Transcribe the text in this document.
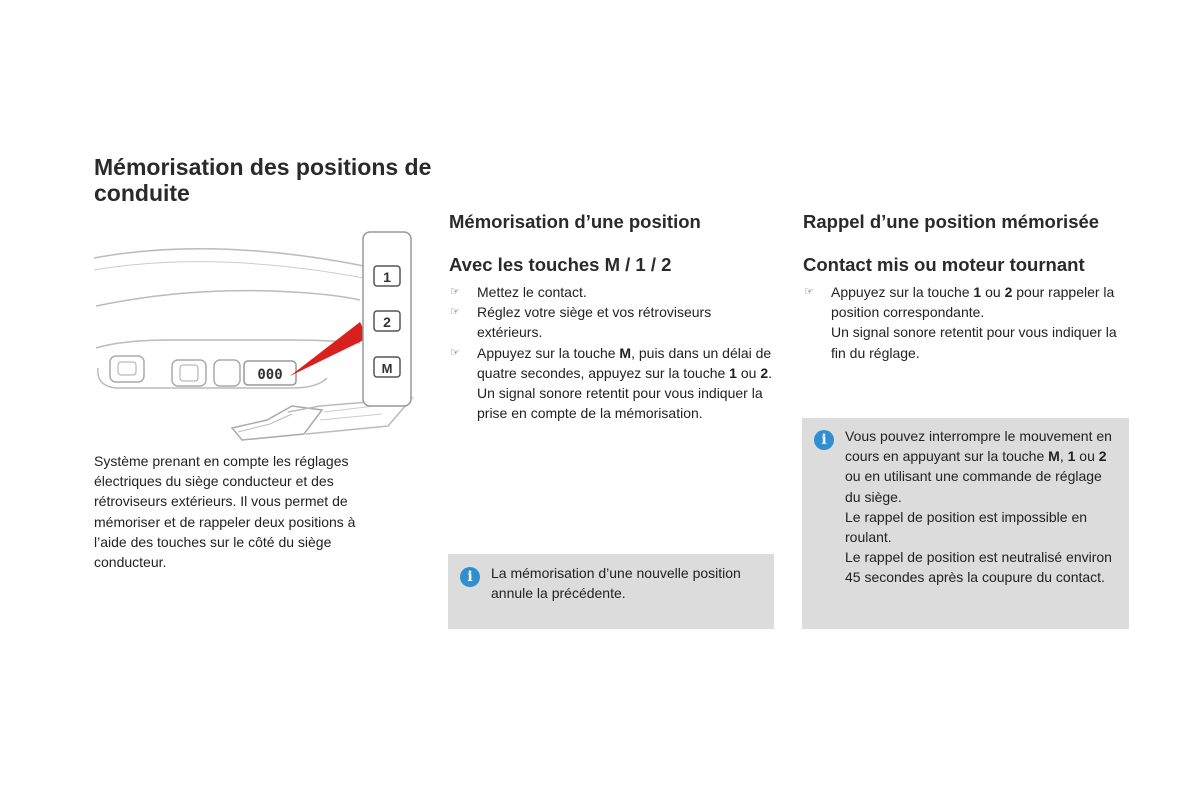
Mémorisation des positions de conduite
000
1
2
M

Système prenant en compte les réglages électriques du siège conducteur et des rétroviseurs extérieurs. Il vous permet de mémoriser et de rappeler deux positions à l’aide des touches sur le côté du siège conducteur.

Mémorisation d’une position
Avec les touches M / 1 / 2
☞ Mettez le contact.
☞ Réglez votre siège et vos rétroviseurs extérieurs.
☞ Appuyez sur la touche M, puis dans un délai de quatre secondes, appuyez sur la touche 1 ou 2.
Un signal sonore retentit pour vous indiquer la prise en compte de la mémorisation.
i	La mémorisation d’une nouvelle position annule la précédente.
Rappel d’une position mémorisée
Contact mis ou moteur tournant
☞ Appuyez sur la touche 1 ou 2 pour rappeler la position correspondante.
Un signal sonore retentit pour vous indiquer la fin du réglage.
i	Vous pouvez interrompre le mouvement en cours en appuyant sur la touche M, 1 ou 2 ou en utilisant une commande de réglage du siège.
Le rappel de position est impossible en roulant.
Le rappel de position est neutralisé environ 45 secondes après la coupure du contact.
